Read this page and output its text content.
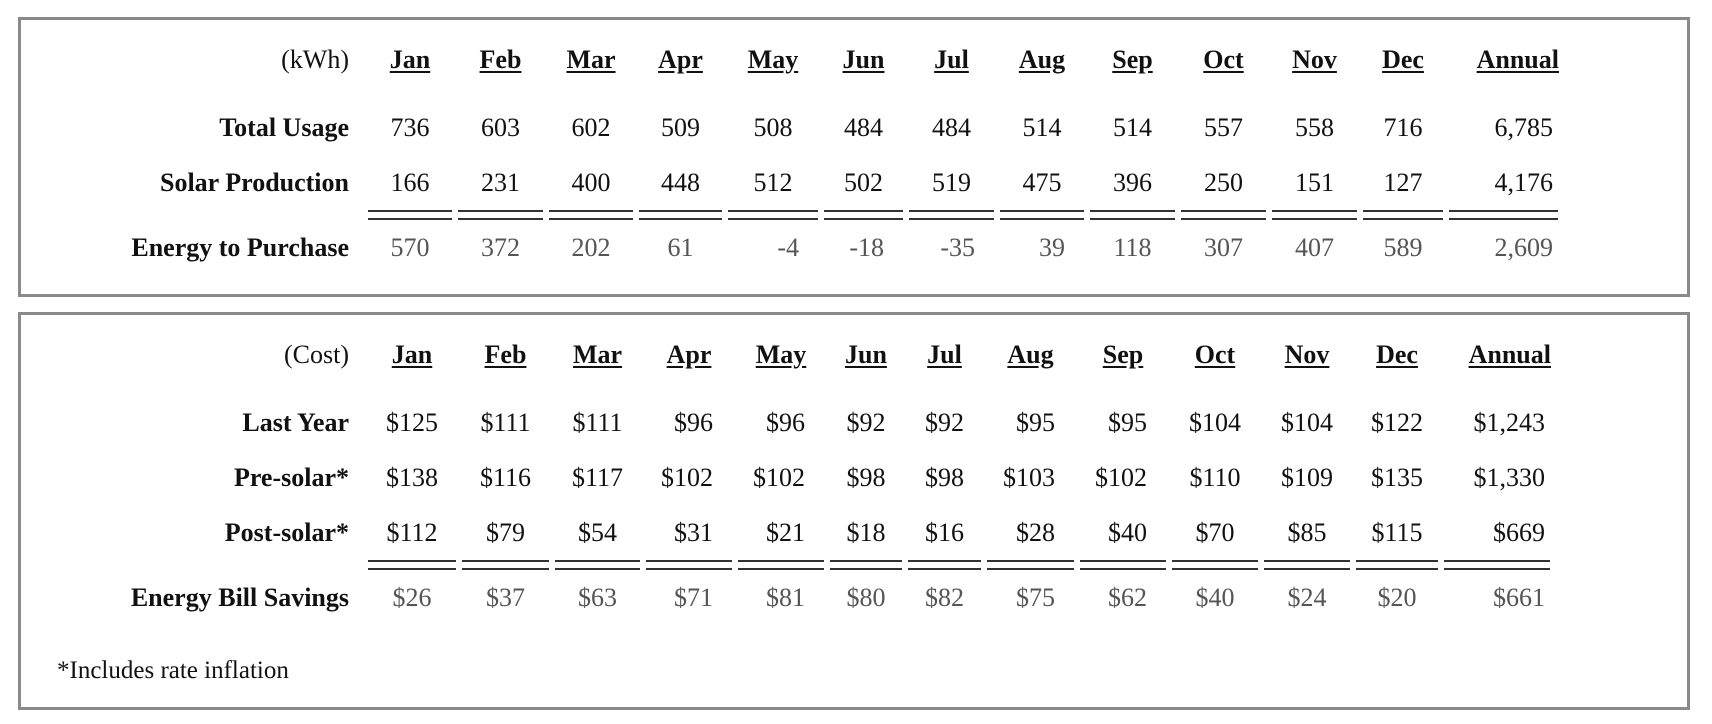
(kWh)	Jan	Feb	Mar	Apr	May	Jun	Jul	Aug	Sep	Oct	Nov	Dec	Annual
Total Usage	736	603	602	509	508	484	484	514	514	557	558	716	6,785
Solar Production	166	231	400	448	512	502	519	475	396	250	151	127	4,176

Energy to Purchase	570	372	202	61	-4	-18	-35	39	118	307	407	589	2,609
(Cost)	Jan	Feb	Mar	Apr	May	Jun	Jul	Aug	Sep	Oct	Nov	Dec	Annual
Last Year	$125	$111	$111	$96	$96	$92	$92	$95	$95	$104	$104	$122	$1,243
Pre-solar*	$138	$116	$117	$102	$102	$98	$98	$103	$102	$110	$109	$135	$1,330
Post-solar*	$112	$79	$54	$31	$21	$18	$16	$28	$40	$70	$85	$115	$669

Energy Bill Savings	$26	$37	$63	$71	$81	$80	$82	$75	$62	$40	$24	$20	$661
*Includes rate inflation
